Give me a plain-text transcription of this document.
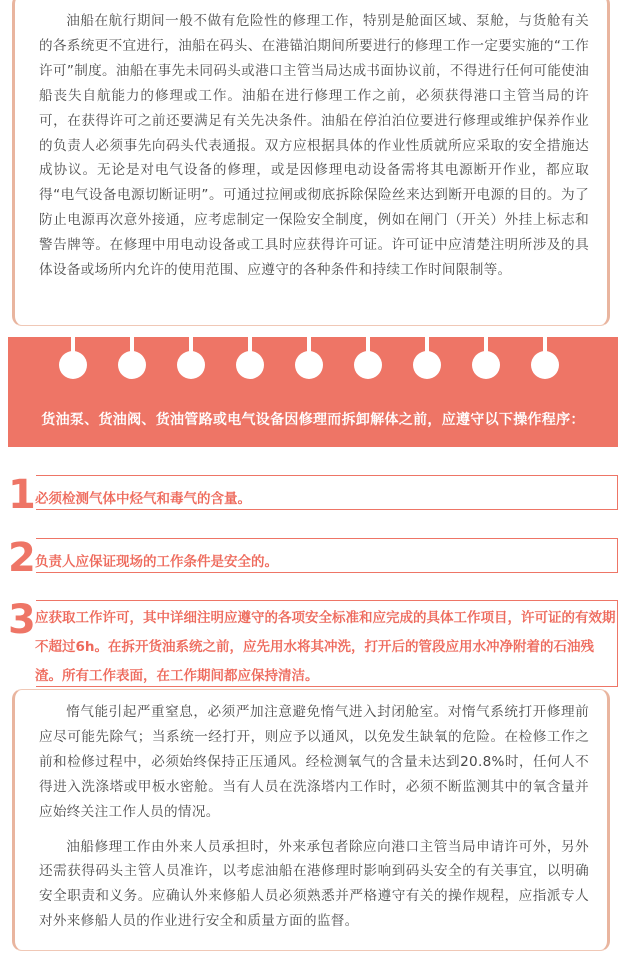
油船在航行期间一般不做有危险性的修理工作，特别是舱面区域、泵舱，与货舱有关的各系统更不宜进行，油船在码头、在港锚泊期间所要进行的修理工作一定要实施的“工作许可”制度。油船在事先未同码头或港口主管当局达成书面协议前，不得进行任何可能使油船丧失自航能力的修理或工作。油船在进行修理工作之前，必须获得港口主管当局的许可，在获得许可之前还要满足有关先决条件。油船在停泊泊位要进行修理或维护保养作业的负责人必须事先向码头代表通报。双方应根据具体的作业性质就所应采取的安全措施达成协议。无论是对电气设备的修理，或是因修理电动设备需将其电源断开作业，都应取得“电气设备电源切断证明”。可通过拉闸或彻底拆除保险丝来达到断开电源的目的。为了防止电源再次意外接通，应考虑制定一保险安全制度，例如在闸门（开关）外挂上标志和警告牌等。在修理中用电动设备或工具时应获得许可证。许可证中应清楚注明所涉及的具体设备或场所内允许的使用范围、应遵守的各种条件和持续工作时间限制等。

货油泵、货油阀、货油管路或电气设备因修理而拆卸解体之前，应遵守以下操作程序：
1 必须检测气体中烃气和毒气的含量。
2 负责人应保证现场的工作条件是安全的。
3 应获取工作许可，其中详细注明应遵守的各项安全标准和应完成的具体工作项目，许可证的有效期不超过6h。在拆开货油系统之前，应先用水将其冲洗，打开后的管段应用水冲净附着的石油残渣。所有工作表面，在工作期间都应保持清洁。

惰气能引起严重窒息，必须严加注意避免惰气进入封闭舱室。对惰气系统打开修理前应尽可能先除气；当系统一经打开，则应予以通风，以免发生缺氧的危险。在检修工作之前和检修过程中，必须始终保持正压通风。经检测氧气的含量未达到20.8%时，任何人不得进入洗涤塔或甲板水密舱。当有人员在洗涤塔内工作时，必须不断监测其中的氧含量并应始终关注工作人员的情况。

油船修理工作由外来人员承担时，外来承包者除应向港口主管当局申请许可外，另外还需获得码头主管人员准许，以考虑油船在港修理时影响到码头安全的有关事宜，以明确安全职责和义务。应确认外来修船人员必须熟悉并严格遵守有关的操作规程，应指派专人对外来修船人员的作业进行安全和质量方面的监督。
